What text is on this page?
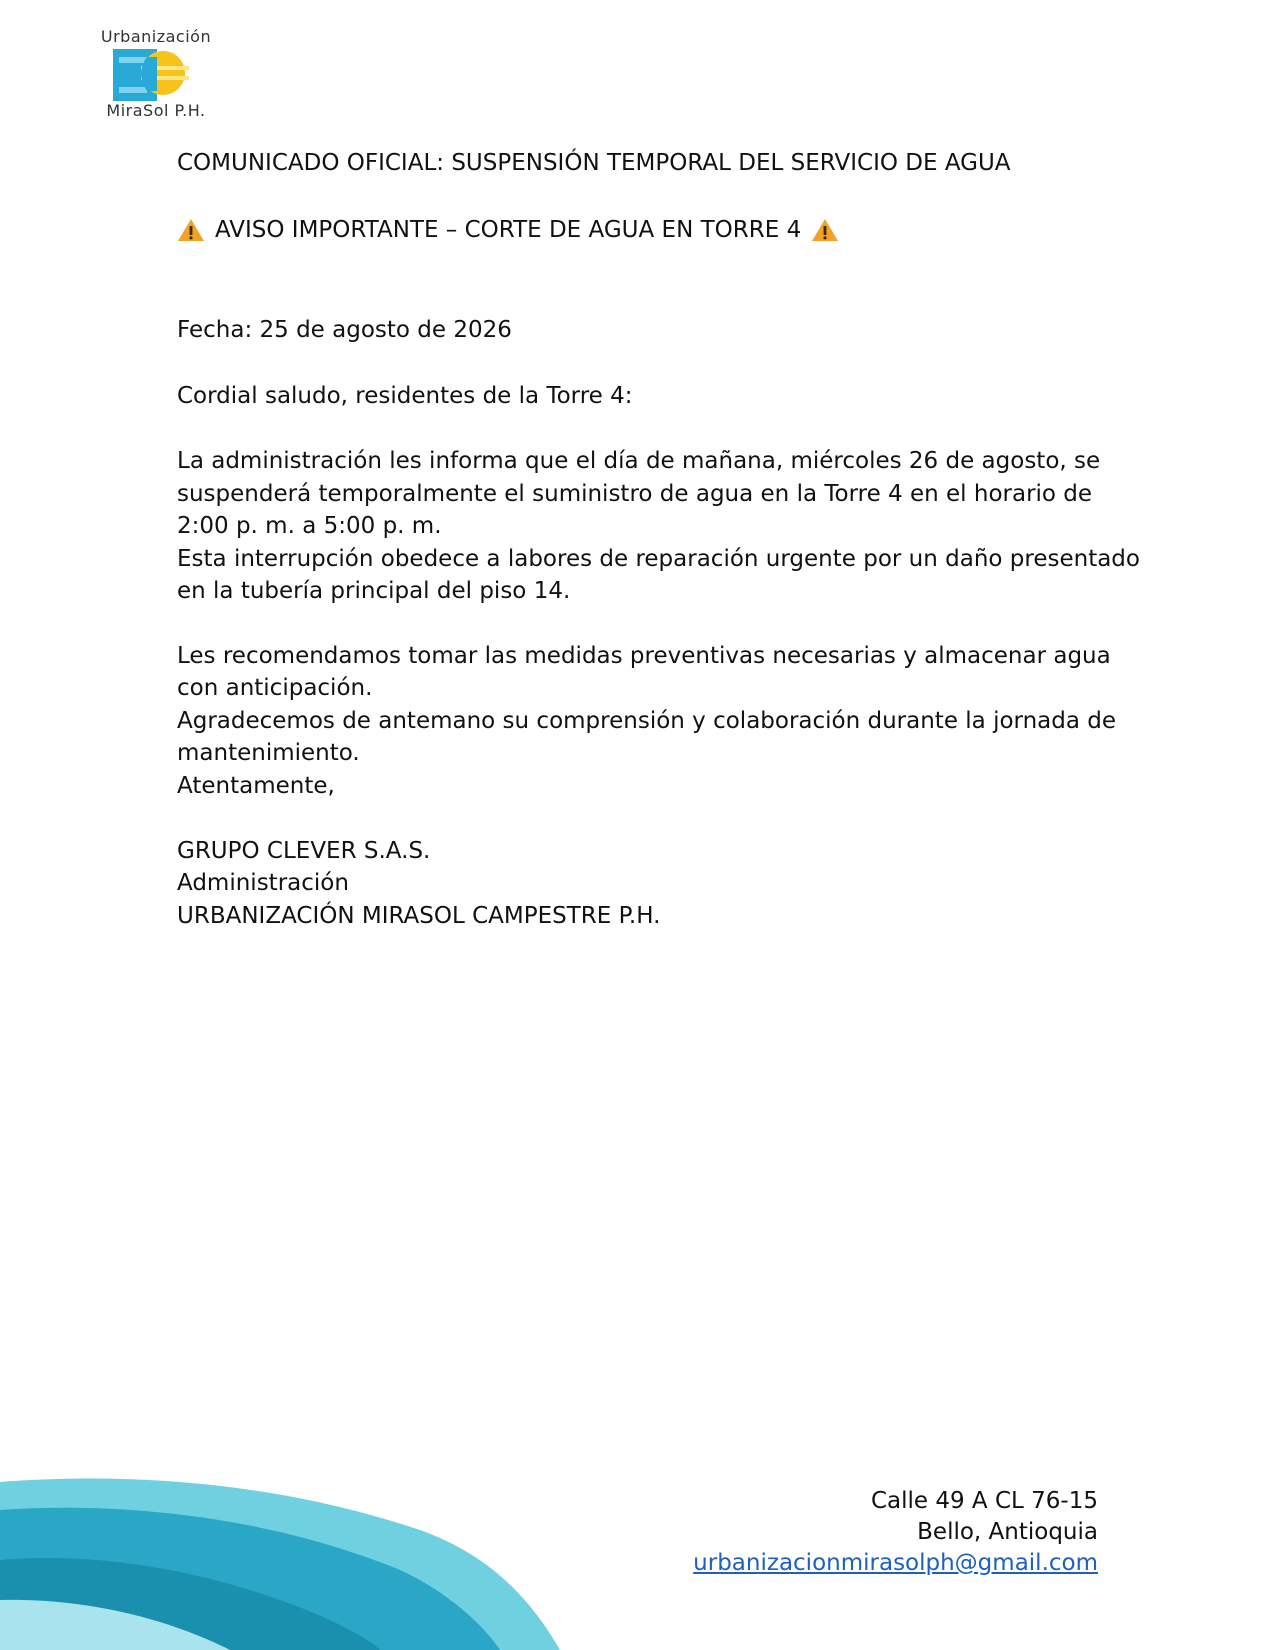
Urbanización
MiraSol P.H.

COMUNICADO OFICIAL: SUSPENSIÓN TEMPORAL DEL SERVICIO DE AGUA

AVISO IMPORTANTE – CORTE DE AGUA EN TORRE 4

Fecha: 25 de agosto de 2026

Cordial saludo, residentes de la Torre 4:

La administración les informa que el día de mañana, miércoles 26 de agosto, se

suspenderá temporalmente el suministro de agua en la Torre 4 en el horario de

2:00 p. m. a 5:00 p. m.

Esta interrupción obedece a labores de reparación urgente por un daño presentado

en la tubería principal del piso 14.

Les recomendamos tomar las medidas preventivas necesarias y almacenar agua

con anticipación.

Agradecemos de antemano su comprensión y colaboración durante la jornada de

mantenimiento.

Atentamente,

GRUPO CLEVER S.A.S.

Administración

URBANIZACIÓN MIRASOL CAMPESTRE P.H.

Calle 49 A CL 76-15
Bello, Antioquia
urbanizacionmirasolph@gmail.com
